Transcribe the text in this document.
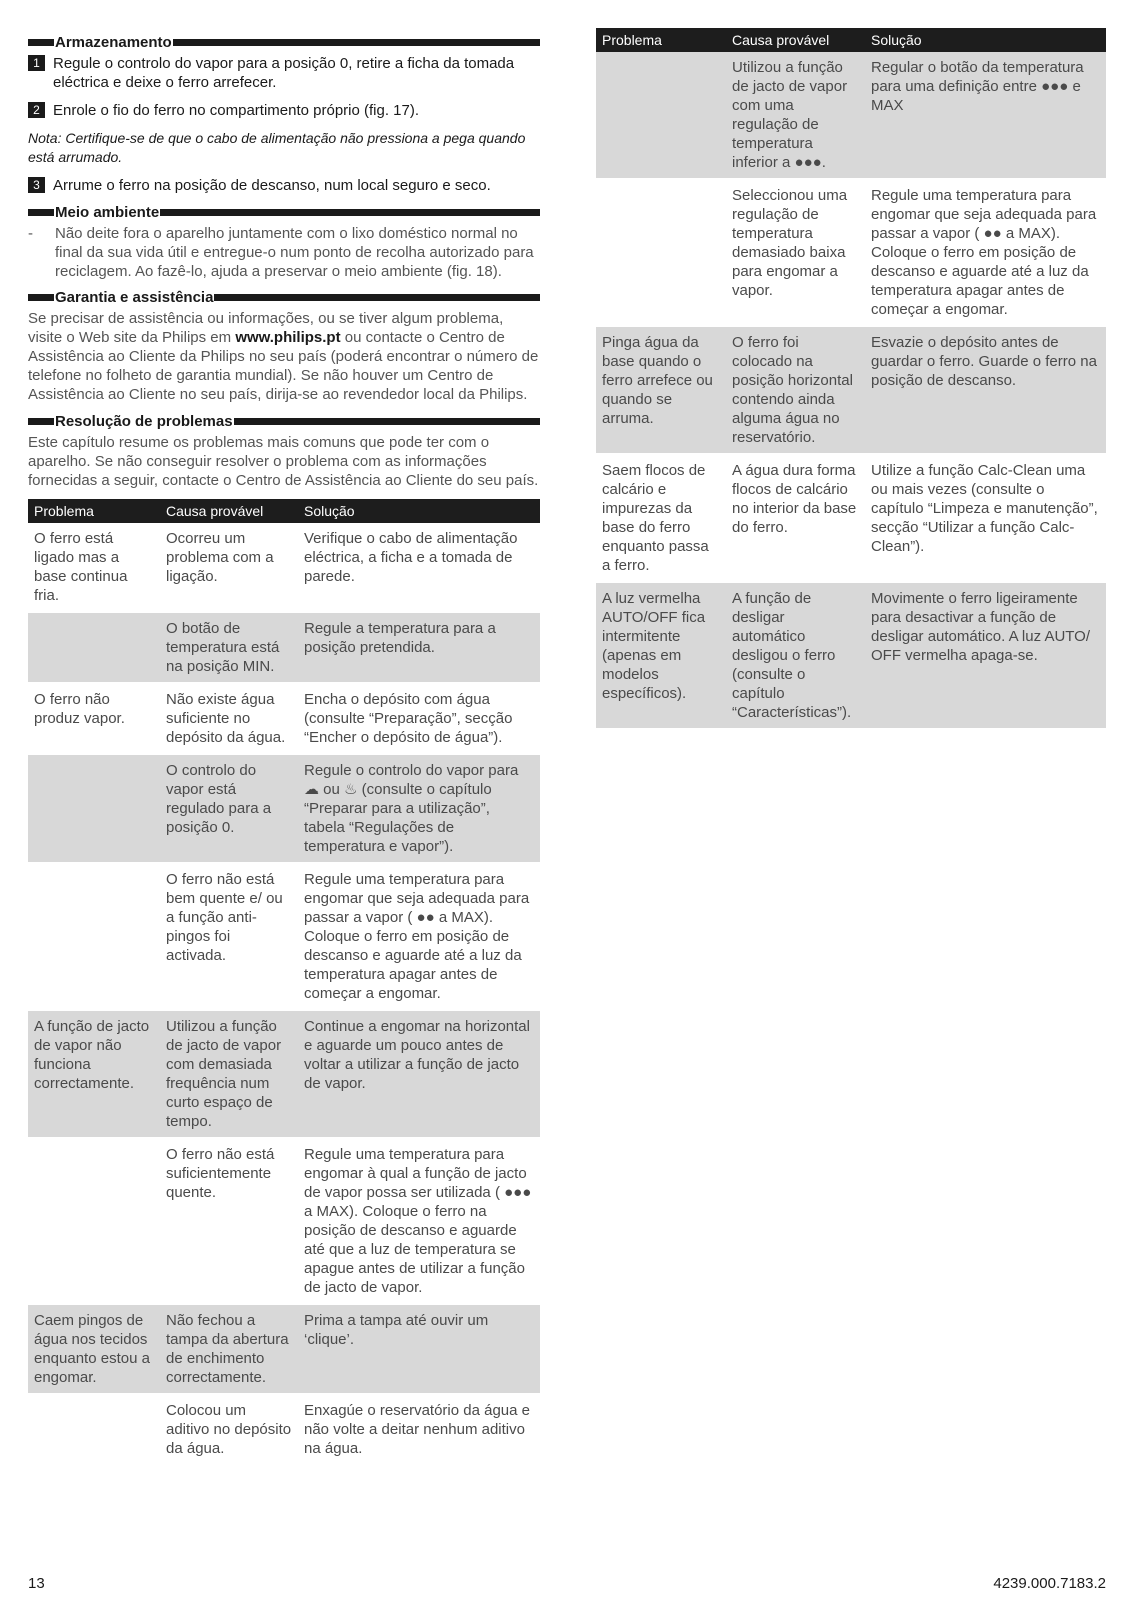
Armazenamento
1 Regule o controlo do vapor para a posição 0, retire a ficha da tomada eléctrica e deixe o ferro arrefecer.
2 Enrole o fio do ferro no compartimento próprio (fig. 17).
Nota: Certifique-se de que o cabo de alimentação não pressiona a pega quando está arrumado.
3 Arrume o ferro na posição de descanso, num local seguro e seco.
Meio ambiente
-	Não deite fora o aparelho juntamente com o lixo doméstico normal no final da sua vida útil e entregue-o num ponto de recolha autorizado para reciclagem. Ao fazê-lo, ajuda a preservar o meio ambiente (fig. 18).
Garantia e assistência
Se precisar de assistência ou informações, ou se tiver algum problema, visite o Web site da Philips em www.philips.pt ou contacte o Centro de Assistência ao Cliente da Philips no seu país (poderá encontrar o número de telefone no folheto de garantia mundial). Se não houver um Centro de Assistência ao Cliente no seu país, dirija-se ao revendedor local da Philips.
Resolução de problemas
Este capítulo resume os problemas mais comuns que pode ter com o aparelho. Se não conseguir resolver o problema com as informações fornecidas a seguir, contacte o Centro de Assistência ao Cliente do seu país.
Problema	Causa provável	Solução
O ferro está ligado mas a base continua fria.	Ocorreu um problema com a ligação.	Verifique o cabo de alimentação eléctrica, a ficha e a tomada de parede.
	O botão de temperatura está na posição MIN.	Regule a temperatura para a posição pretendida.
O ferro não produz vapor.	Não existe água suficiente no depósito da água.	Encha o depósito com água (consulte “Preparação”, secção “Encher o depósito de água”).
	O controlo do vapor está regulado para a posição 0.	Regule o controlo do vapor para ☁ ou ♨ (consulte o capítulo “Preparar para a utilização”, tabela “Regulações de temperatura e vapor”).
	O ferro não está bem quente e/ ou a função anti-pingos foi activada.	Regule uma temperatura para engomar que seja adequada para passar a vapor ( ●● a MAX). Coloque o ferro em posição de descanso e aguarde até a luz da temperatura apagar antes de começar a engomar.
A função de jacto de vapor não funciona correctamente.	Utilizou a função de jacto de vapor com demasiada frequência num curto espaço de tempo.	Continue a engomar na horizontal e aguarde um pouco antes de voltar a utilizar a função de jacto de vapor.
	O ferro não está suficientemente quente.	Regule uma temperatura para engomar à qual a função de jacto de vapor possa ser utilizada ( ●●● a MAX). Coloque o ferro na posição de descanso e aguarde até que a luz de temperatura se apague antes de utilizar a função de jacto de vapor.
Caem pingos de água nos tecidos enquanto estou a engomar.	Não fechou a tampa da abertura de enchimento correctamente.	Prima a tampa até ouvir um ‘clique’.
	Colocou um aditivo no depósito da água.	Enxagúe o reservatório da água e não volte a deitar nenhum aditivo na água.
Problema	Causa provável	Solução
	Utilizou a função de jacto de vapor com uma regulação de temperatura inferior a ●●●.	Regular o botão da temperatura para uma definição entre ●●● e MAX
	Seleccionou uma regulação de temperatura demasiado baixa para engomar a vapor.	Regule uma temperatura para engomar que seja adequada para passar a vapor ( ●● a MAX). Coloque o ferro em posição de descanso e aguarde até a luz da temperatura apagar antes de começar a engomar.
Pinga água da base quando o ferro arrefece ou quando se arruma.	O ferro foi colocado na posição horizontal contendo ainda alguma água no reservatório.	Esvazie o depósito antes de guardar o ferro. Guarde o ferro na posição de descanso.
Saem flocos de calcário e impurezas da base do ferro enquanto passa a ferro.	A água dura forma flocos de calcário no interior da base do ferro.	Utilize a função Calc-Clean uma ou mais vezes (consulte o capítulo “Limpeza e manutenção”, secção “Utilizar a função Calc-Clean”).
A luz vermelha AUTO/OFF fica intermitente (apenas em modelos específicos).	A função de desligar automático desligou o ferro (consulte o capítulo “Características”).	Movimente o ferro ligeiramente para desactivar a função de desligar automático. A luz AUTO/ OFF vermelha apaga-se.
13	4239.000.7183.2
